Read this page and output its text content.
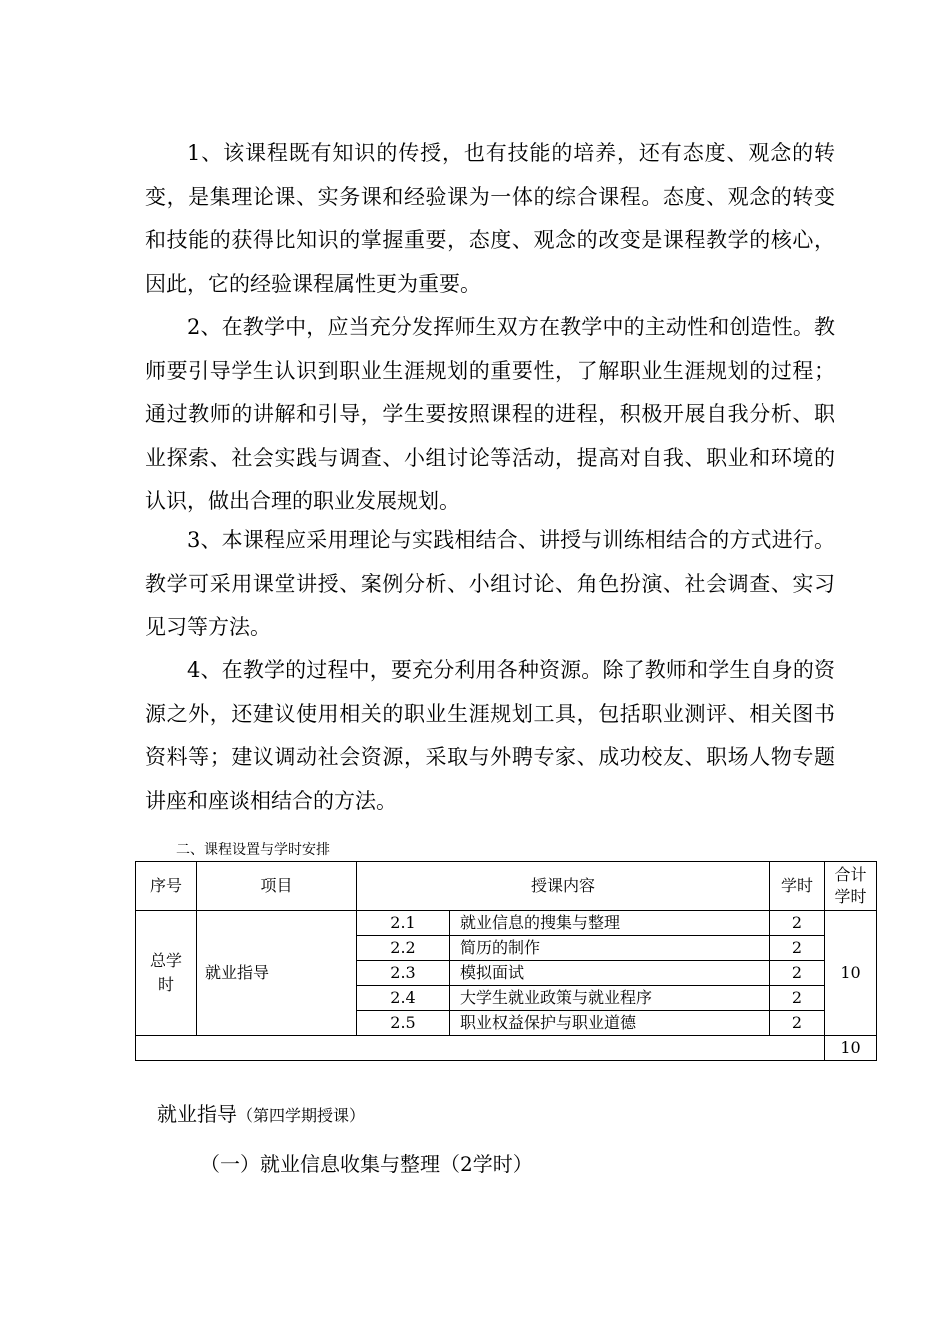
1、该课程既有知识的传授，也有技能的培养，还有态度、观念的转变，是集理论课、实务课和经验课为一体的综合课程。态度、观念的转变和技能的获得比知识的掌握重要，态度、观念的改变是课程教学的核心，因此，它的经验课程属性更为重要。

2、在教学中，应当充分发挥师生双方在教学中的主动性和创造性。教师要引导学生认识到职业生涯规划的重要性，了解职业生涯规划的过程；通过教师的讲解和引导，学生要按照课程的进程，积极开展自我分析、职业探索、社会实践与调查、小组讨论等活动，提高对自我、职业和环境的认识，做出合理的职业发展规划。

3、本课程应采用理论与实践相结合、讲授与训练相结合的方式进行。教学可采用课堂讲授、案例分析、小组讨论、角色扮演、社会调查、实习见习等方法。

4、在教学的过程中，要充分利用各种资源。除了教师和学生自身的资源之外，还建议使用相关的职业生涯规划工具，包括职业测评、相关图书资料等；建议调动社会资源，采取与外聘专家、成功校友、职场人物专题讲座和座谈相结合的方法。

二、课程设置与学时安排
序号	项目	授课内容		学时	合计
学时

总学
时	就业指导	2.1	就业信息的搜集与整理	2	10
		2.2	简历的制作	2	
		2.3	模拟面试	2	
		2.4	大学生就业政策与就业程序	2	
		2.5	职业权益保护与职业道德	2	
					10
就业指导（第四学期授课）
（一）就业信息收集与整理（2学时）
